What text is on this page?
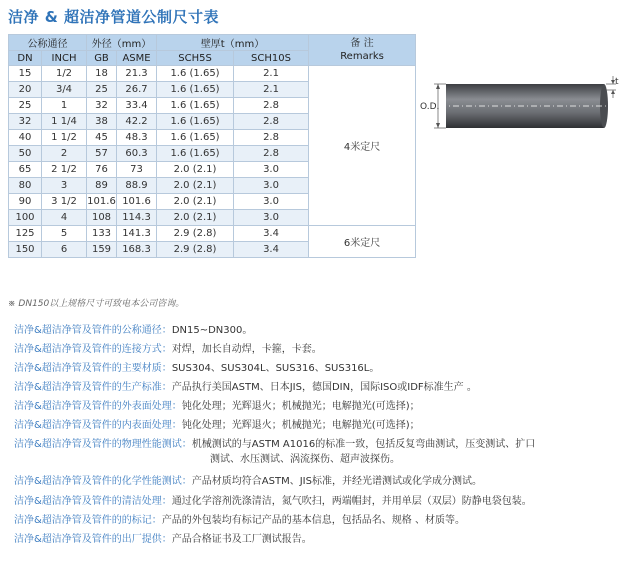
洁净 & 超洁净管道公制尺寸表
公称通径		外径（mm）		壁厚t（mm）		备 注
Remarks

DN	INCH	GB	ASME	SCH5S	SCH10S	
15	1/2	18	21.3	1.6 (1.65)	2.1	4米定尺
20	3/4	25	26.7	1.6 (1.65)	2.1	
25	1	32	33.4	1.6 (1.65)	2.8	
32	1 1/4	38	42.2	1.6 (1.65)	2.8	
40	1 1/2	45	48.3	1.6 (1.65)	2.8	
50	2	57	60.3	1.6 (1.65)	2.8	
65	2 1/2	76	73	2.0 (2.1)	3.0	
80	3	89	88.9	2.0 (2.1)	3.0	
90	3 1/2	101.6	101.6	2.0 (2.1)	3.0	
100	4	108	114.3	2.0 (2.1)	3.0	
125	5	133	141.3	2.9 (2.8)	3.4	6米定尺
150	6	159	168.3	2.9 (2.8)	3.4	
※ DN150以上规格尺寸可致电本公司咨询。
O.D.
t
洁净&超洁净管及管件的公称通径：DN15~DN300。
洁净&超洁净管及管件的连接方式：对焊，加长自动焊，卡箍，卡套。
洁净&超洁净管及管件的主要材质：SUS304、SUS304L、SUS316、SUS316L。
洁净&超洁净管及管件的生产标准：产品执行美国ASTM、日本JIS，德国DIN，国际ISO或IDF标准生产 。
洁净&超洁净管及管件的外表面处理：钝化处理；光辉退火；机械抛光；电解抛光(可选择)；
洁净&超洁净管及管件的内表面处理：钝化处理；光辉退火；机械抛光；电解抛光(可选择)；
洁净&超洁净管及管件的物理性能测试：机械测试的与ASTM A1016的标准一致，包括反复弯曲测试，压变测试、扩口
测试、水压测试、涡流探伤、超声波探伤。
洁净&超洁净管及管件的化学性能测试：产品材质均符合ASTM、JIS标准，并经光谱测试或化学成分测试。
洁净&超洁净管及管件的清洁处理：通过化学溶剂洗涤清洁，氮气吹扫，两端帽封，并用单层（双层）防静电袋包装。
洁净&超洁净管及管件的的标记：产品的外包装均有标记产品的基本信息，包括品名、规格 、材质等。
洁净&超洁净管及管件的出厂提供：产品合格证书及工厂测试报告。
